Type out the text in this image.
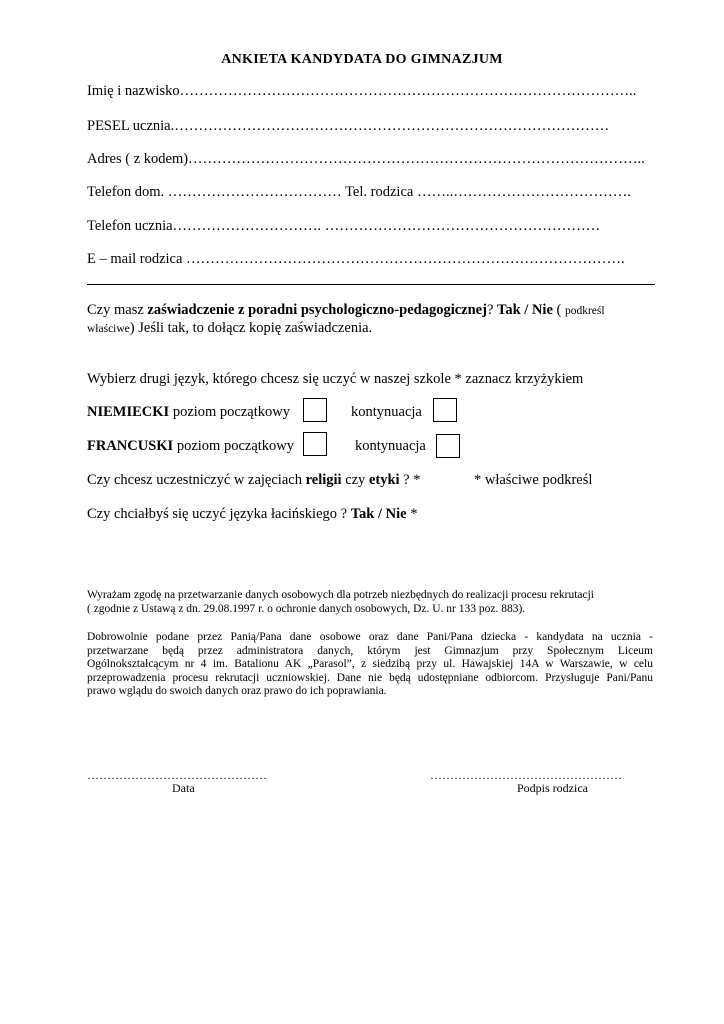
ANKIETA KANDYDATA DO GIMNAZJUM
Imię i nazwisko…………………………………………………………………………………..
PESEL ucznia.………………………………………………………………………………
Adres ( z kodem)…………………………………………………………………………………..
Telefon dom. ……………………………… Tel. rodzica ……..……………………………….
Telefon ucznia…………………………. …………………………………………………
E – mail rodzica ……………………………………………………………………………….
Czy masz zaświadczenie z poradni psychologiczno-pedagogicznej? Tak / Nie ( podkreśl
właściwe) Jeśli tak, to dołącz kopię zaświadczenia.
Wybierz drugi język, którego chcesz się uczyć w naszej szkole * zaznacz krzyżykiem
NIEMIECKI poziom początkowy	kontynuacja
FRANCUSKI poziom początkowy	kontynuacja
Czy chcesz uczestniczyć w zajęciach religii czy etyki ? *	* właściwe podkreśl
Czy chciałbyś się uczyć języka łacińskiego ? Tak / Nie *
Wyrażam zgodę na przetwarzanie danych osobowych dla potrzeb niezbędnych do realizacji procesu rekrutacji
( zgodnie z Ustawą z dn. 29.08.1997 r. o ochronie danych osobowych, Dz. U. nr 133 poz. 883).
Dobrowolnie podane przez Panią/Pana dane osobowe oraz dane Pani/Pana dziecka - kandydata na ucznia -
przetwarzane będą przez administratora danych, którym jest Gimnazjum przy Społecznym Liceum
Ogólnokształcącym nr 4 im. Batalionu AK „Parasol”, z siedzibą przy ul. Hawajskiej 14A w Warszawie, w celu
przeprowadzenia procesu rekrutacji uczniowskiej. Dane nie będą udostępniane odbiorcom. Przysługuje Pani/Panu
prawo wglądu do swoich danych oraz prawo do ich poprawiania.
………………………………………
Data
…………………………………………
Podpis rodzica
